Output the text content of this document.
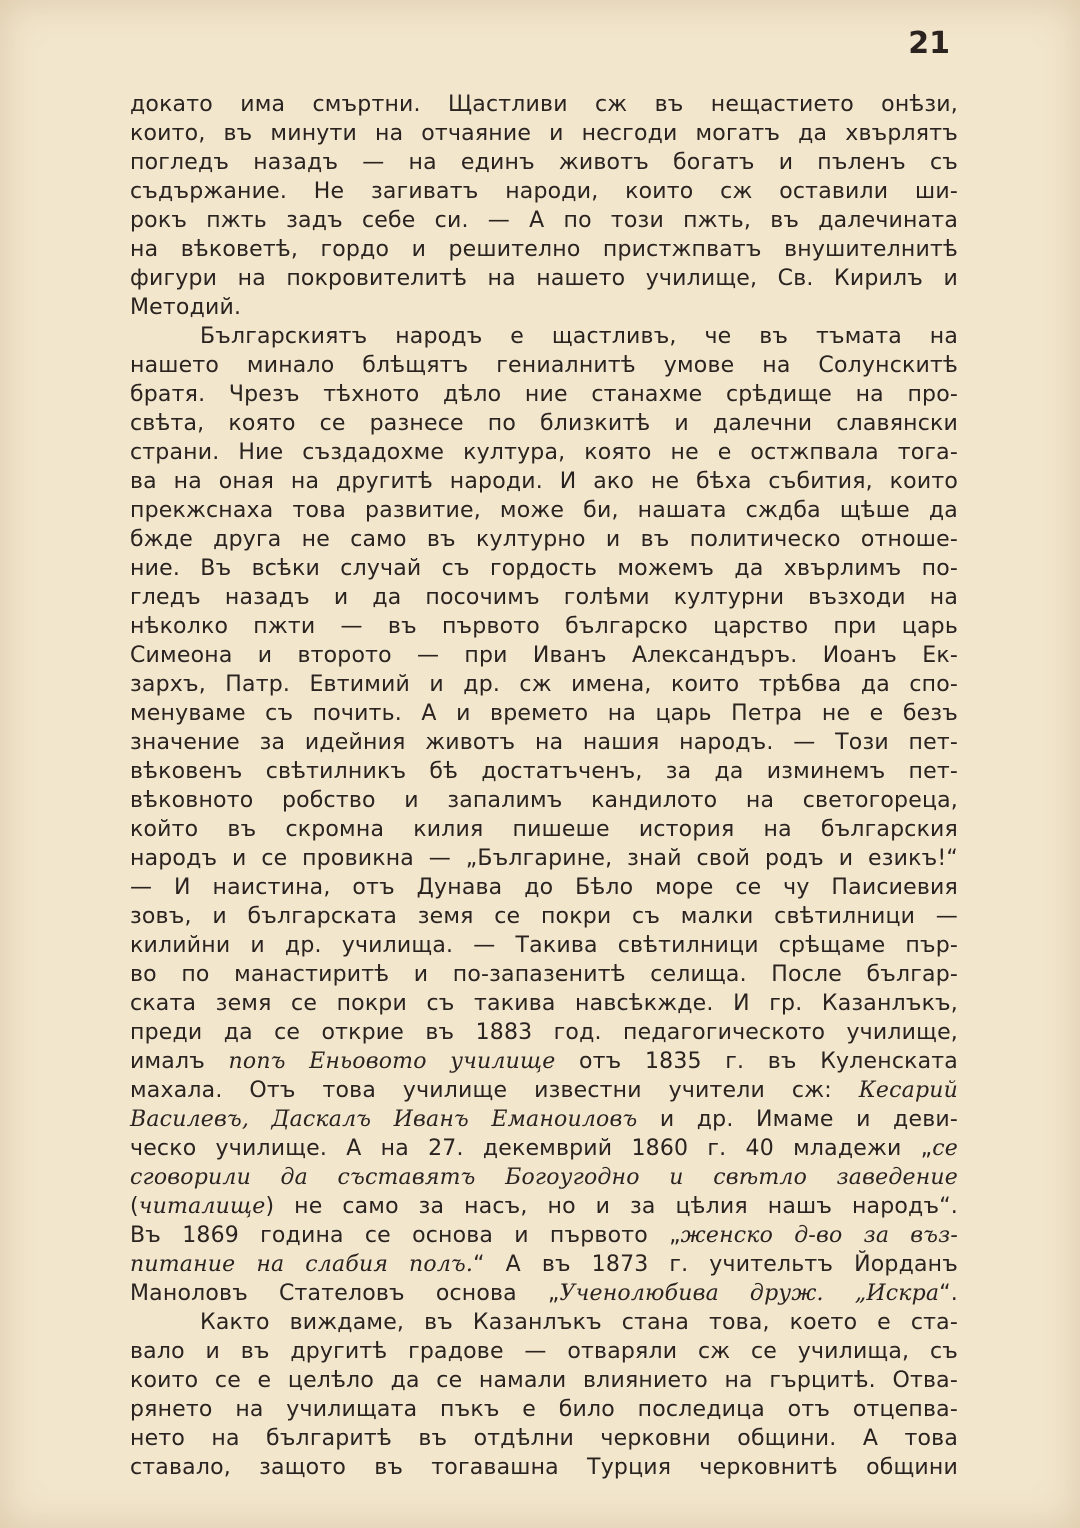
21
докато има смъртни. Щастливи сж въ нещастието онѣзи,
които, въ минути на отчаяние и несгоди могатъ да хвърлятъ
погледъ назадъ — на единъ животъ богатъ и пъленъ съ
съдържание. Не загиватъ народи, които сж оставили ши-
рокъ пжть задъ себе си. — А по този пжть, въ далечината
на вѣковетѣ, гордо и решително пристжпватъ внушителнитѣ
фигури на покровителитѣ на нашето училище, Св. Кирилъ и
Методий.
Българскиятъ народъ е щастливъ, че въ тъмата на
нашето минало блѣщятъ гениалнитѣ умове на Солунскитѣ
братя. Чрезъ тѣхното дѣло ние станахме срѣдище на про-
свѣта, която се разнесе по близкитѣ и далечни славянски
страни. Ние създадохме култура, която не е остжпвала тога-
ва на оная на другитѣ народи. И ако не бѣха събития, които
прекжснаха това развитие, може би, нашата сждба щѣше да
бжде друга не само въ културно и въ политическо отноше-
ние. Въ всѣки случай съ гордость можемъ да хвърлимъ по-
гледъ назадъ и да посочимъ голѣми културни възходи на
нѣколко пжти — въ първото българско царство при царь
Симеона и второто — при Иванъ Александъръ. Иоанъ Ек-
зархъ, Патр. Евтимий и др. сж имена, които трѣбва да спо-
менуваме съ почить. А и времето на царь Петра не е безъ
значение за идейния животъ на нашия народъ. — Този пет-
вѣковенъ свѣтилникъ бѣ достатъченъ, за да изминемъ пет-
вѣковното робство и запалимъ кандилото на светогореца,
който въ скромна килия пишеше история на българския
народъ и се провикна — „Българине, знай свой родъ и езикъ!“
— И наистина, отъ Дунава до Бѣло море се чу Паисиевия
зовъ, и българската земя се покри съ малки свѣтилници —
килийни и др. училища. — Такива свѣтилници срѣщаме пър-
во по манастиритѣ и по-запазенитѣ селища. После българ-
ската земя се покри съ такива навсѣкжде. И гр. Казанлъкъ,
преди да се открие въ 1883 год. педагогическото училище,
ималъ попъ Еньовото училище отъ 1835 г. въ Куленската
махала. Отъ това училище известни учители сж: Кесарий
Василевъ, Даскалъ Иванъ Еманоиловъ и др. Имаме и деви-
ческо училище. А на 27. декемврий 1860 г. 40 младежи „се
сговорили да съставятъ Богоугодно и свѣтло заведение
(читалище) не само за насъ, но и за цѣлия нашъ народъ“.
Въ 1869 година се основа и първото „женско д-во за въз-
питание на слабия полъ.“ А въ 1873 г. учительтъ Йорданъ
Маноловъ Стателовъ основа „Ученолюбива друж. „Искра“.
Както виждаме, въ Казанлъкъ стана това, което е ста-
вало и въ другитѣ градове — отваряли сж се училища, съ
които се е целѣло да се намали влиянието на гърцитѣ. Отва-
рянето на училищата пъкъ е било последица отъ отцепва-
нето на българитѣ въ отдѣлни черковни общини. А това
ставало, защото въ тогавашна Турция черковнитѣ общини
